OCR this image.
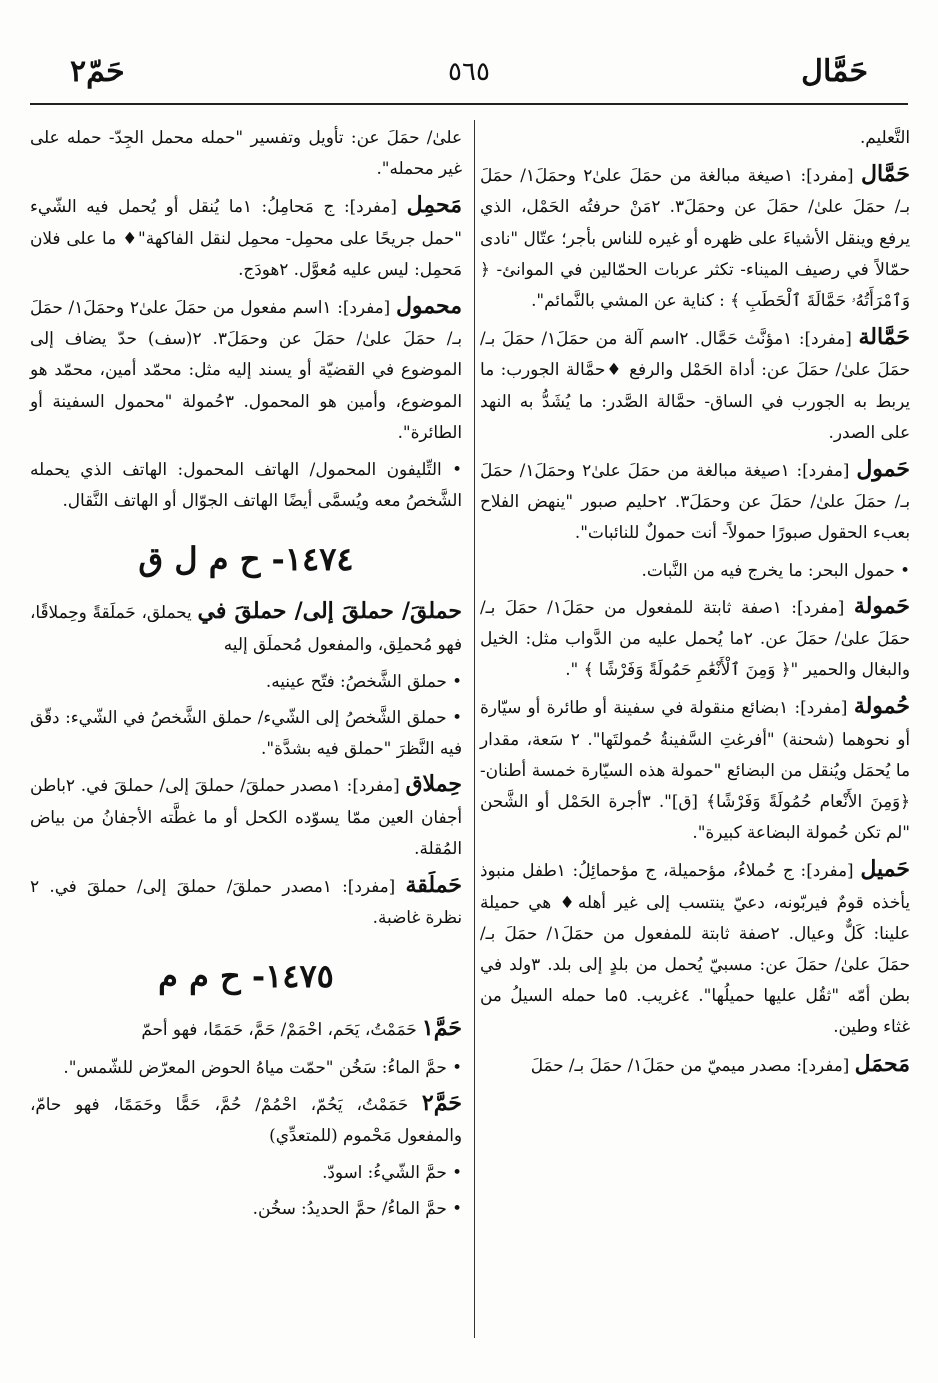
حَمَّال
٥٦٥
حَمّ۲
التَّعليم.
حَمَّال [مفرد]: ١صيغة مبالغة من حمَلَ علىٰ۲ وحمَلَ۱/ حمَلَ بـ/ حمَلَ علىٰ/ حمَلَ عن وحمَلَ۳. ۲مَنْ حرفتُه الحَمْل، الذي يرفع وينقل الأشياءَ على ظهره أو غيره للناس بأجر؛ عتّال "نادى حمّالاً في رصيف الميناء- تكثر عربات الحمّالين في الموانئ- ﴿ وَٱمْرَأَتُهُۥ حَمَّالَةَ ٱلْحَطَبِ ﴾ : كناية عن المشي بالنَّمائم".
حَمَّالة [مفرد]: ١مؤنَّث حَمَّال. ۲اسم آلة من حمَلَ۱/ حمَلَ بـ/ حمَلَ علىٰ/ حمَلَ عن: أداة الحَمْل والرفع ♦حمَّالة الجورب: ما يربط به الجورب في الساق- حمَّالة الصَّدر: ما يُشَدُّ به النهد على الصدر.
حَمول [مفرد]: ١صيغة مبالغة من حمَلَ علىٰ۲ وحمَلَ۱/ حمَلَ بـ/ حمَلَ علىٰ/ حمَلَ عن وحمَلَ۳. ۲حليم صبور "ينهض الفلاح بعبء الحقول صبورًا حمولاً- أنت حمولٌ للنائبات".
• حمول البحر: ما يخرج فيه من النَّبات.
حَمولة [مفرد]: ١صفة ثابتة للمفعول من حمَلَ۱/ حمَلَ بـ/ حمَلَ علىٰ/ حمَلَ عن. ۲ما يُحمل عليه من الدَّواب مثل: الخيل والبغال والحمير "﴿ وَمِنَ ٱلْأَنْعَٰمِ حَمُولَةً وَفَرْشًا ﴾ ".
حُمولة [مفرد]: ١بضائع منقولة في سفينة أو طائرة أو سيّارة أو نحوهما (شحنة) "أفرغتِ السَّفينةُ حُمولتَها". ۲ سَعة، مقدار ما يُحمَل ويُنقل من البضائع "حمولة هذه السيّارة خمسة أطنان- ﴿وَمِنَ الأَنْعام حُمُولَةً وَفَرْشًا﴾ [ق]". ۳أجرة الحَمْل أو الشَّحن "لم تكن حُمولة البضاعة كبيرة".
حَميل [مفرد]: ج حُملاءُ، مؤحميلة، ج مؤحمائِلُ: ١طفل منبوذ يأخذه قومٌ فيربّونه، دعيّ ينتسب إلى غير أهله♦ هي حميلة علينا: كَلٌّ وعيال. ۲صفة ثابتة للمفعول من حمَلَ۱/ حمَلَ بـ/ حمَلَ علىٰ/ حمَلَ عن: مسبيّ يُحمل من بلدٍ إلى بلد. ۳ولد في بطن أمّه "ثقُل عليها حميلُها". ٤غريب. ٥ما حمله السيلُ من غثاء وطين.
مَحمَل [مفرد]: مصدر ميميّ من حمَلَ۱/ حمَلَ بـ/ حمَلَ
علىٰ/ حمَلَ عن: تأويل وتفسير "حمله محمل الجِدّ- حمله على غير محمله".
مَحمِل [مفرد]: ج مَحامِلُ: ١ما يُنقل أو يُحمل فيه الشّيء "حمل جريحًا على محمِل- محمِل لنقل الفاكهة"♦ ما على فلان مَحمِل: ليس عليه مُعوَّل. ۲هودَج.
محمول [مفرد]: ١اسم مفعول من حمَلَ علىٰ۲ وحمَلَ۱/ حمَلَ بـ/ حمَلَ علىٰ/ حمَلَ عن وحمَلَ۳. ۲(سف) حدّ يضاف إلى الموضوع في القضيّة أو يسند إليه مثل: محمّد أمين، محمّد هو الموضوع، وأمين هو المحمول. ۳حُمولة "محمول السفينة أو الطائرة".
• التِّليفون المحمول/ الهاتف المحمول: الهاتف الذي يحمله الشَّخصُ معه ويُسمَّى أيضًا الهاتف الجوّال أو الهاتف النَّقال.
١٤٧٤- ح م ل ق
حملقَ/ حملقَ إلى/ حملقَ في يحملق، حَملَقةً وحِملاقًا، فهو مُحملِق، والمفعول مُحملَق إليه
• حملق الشَّخصُ: فتّح عينيه.
• حملق الشَّخصُ إلى الشّيء/ حملق الشَّخصُ في الشّيء: دقّق فيه النَّظرَ "حملق فيه بشدَّة".
حِملاق [مفرد]: ١مصدر حملقَ/ حملقَ إلى/ حملقَ في. ۲باطن أجفان العين ممّا يسوّده الكحل أو ما غطَّته الأجفانُ من بياض المُقلة.
حَملَقة [مفرد]: ١مصدر حملقَ/ حملقَ إلى/ حملقَ في. ۲ نظرة غاضبة.
١٤٧٥- ح م م
حَمَّ۱ حَمَمْتُ، يَحَم، احْمَمْ/ حَمَّ، حَمَمًا، فهو أحمّ
• حمَّ الماءُ: سَخُن "حمّت مياهُ الحوض المعرّض للشّمس".
حَمَّ۲ حَمَمْتُ، يَحُمّ، احْمُمْ/ حُمَّ، حَمًّا وحَمَمًا، فهو حامّ، والمفعول مَحْموم (للمتعدِّي)
• حمَّ الشّيءُ: اسودّ.
• حمَّ الماءُ/ حمَّ الحديدُ: سخُن.
